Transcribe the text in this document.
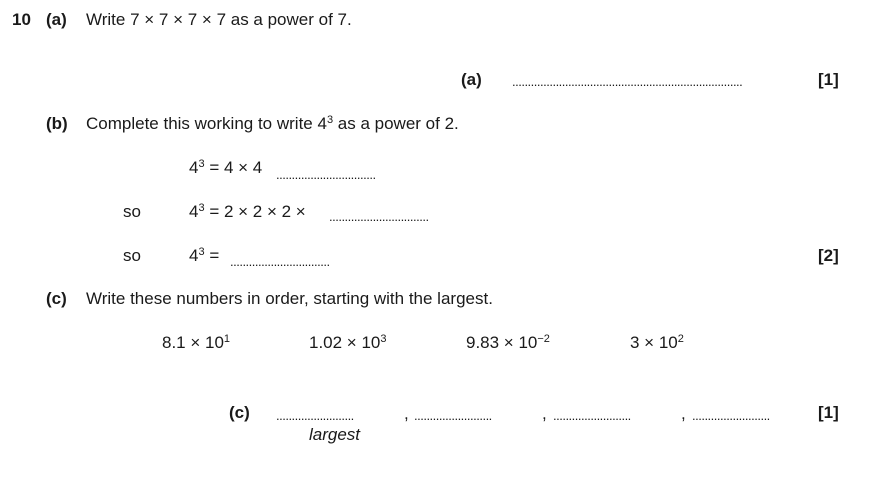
10 (a) Write 7 × 7 × 7 × 7 as a power of 7.
(a) ..........................................................................	[1]
(b) Complete this working to write $4^3$ as a power of 2.
$4^3 = 4 \times 4$ ................................
so	$4^3 = 2 \times 2 \times 2$ × ................................
so	$4^3$ = ................................	[2]
(c) Write these numbers in order, starting with the largest.
$8.1 \times 10^1$	$1.02 \times 10^3$	$9.83 \times 10^{-2}$	$3 \times 10^2$
(c) .........................	, .........................	, .........................	, .........................	[1]
largest
